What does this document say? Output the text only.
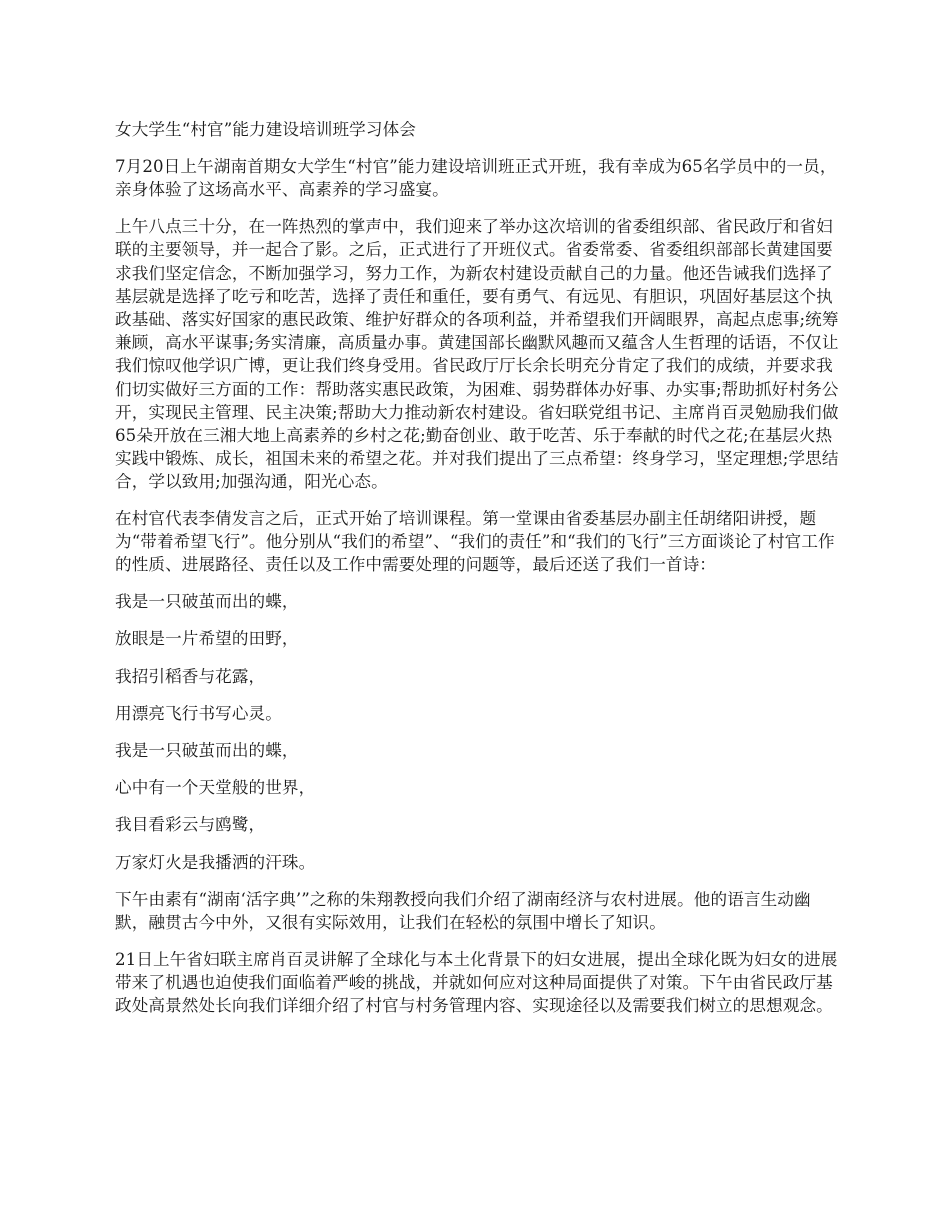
女大学生“村官”能力建设培训班学习体会

7月20日上午湖南首期女大学生“村官”能力建设培训班正式开班，我有幸成为65名学员中的一员，亲身体验了这场高水平、高素养的学习盛宴。

上午八点三十分，在一阵热烈的掌声中，我们迎来了举办这次培训的省委组织部、省民政厅和省妇联的主要领导，并一起合了影。之后，正式进行了开班仪式。省委常委、省委组织部部长黄建国要求我们坚定信念，不断加强学习，努力工作，为新农村建设贡献自己的力量。他还告诫我们选择了基层就是选择了吃亏和吃苦，选择了责任和重任，要有勇气、有远见、有胆识，巩固好基层这个执政基础、落实好国家的惠民政策、维护好群众的各项利益，并希望我们开阔眼界，高起点虑事;统筹兼顾，高水平谋事;务实清廉，高质量办事。黄建国部长幽默风趣而又蕴含人生哲理的话语，不仅让我们惊叹他学识广博，更让我们终身受用。省民政厅厅长余长明充分肯定了我们的成绩，并要求我们切实做好三方面的工作：帮助落实惠民政策，为困难、弱势群体办好事、办实事;帮助抓好村务公开，实现民主管理、民主决策;帮助大力推动新农村建设。省妇联党组书记、主席肖百灵勉励我们做65朵开放在三湘大地上高素养的乡村之花;勤奋创业、敢于吃苦、乐于奉献的时代之花;在基层火热实践中锻炼、成长，祖国未来的希望之花。并对我们提出了三点希望：终身学习，坚定理想;学思结合，学以致用;加强沟通，阳光心态。

在村官代表李倩发言之后，正式开始了培训课程。第一堂课由省委基层办副主任胡绪阳讲授，题为“带着希望飞行”。他分别从“我们的希望”、“我们的责任”和“我们的飞行”三方面谈论了村官工作的性质、进展路径、责任以及工作中需要处理的问题等，最后还送了我们一首诗：

我是一只破茧而出的蝶，

放眼是一片希望的田野，

我招引稻香与花露，

用漂亮飞行书写心灵。

我是一只破茧而出的蝶，

心中有一个天堂般的世界，

我目看彩云与鸥鹭，

万家灯火是我播洒的汗珠。

下午由素有“湖南‘活字典’”之称的朱翔教授向我们介绍了湖南经济与农村进展。他的语言生动幽默，融贯古今中外，又很有实际效用，让我们在轻松的氛围中增长了知识。

21日上午省妇联主席肖百灵讲解了全球化与本土化背景下的妇女进展，提出全球化既为妇女的进展带来了机遇也迫使我们面临着严峻的挑战，并就如何应对这种局面提供了对策。下午由省民政厅基政处高景然处长向我们详细介绍了村官与村务管理内容、实现途径以及需要我们树立的思想观念。
